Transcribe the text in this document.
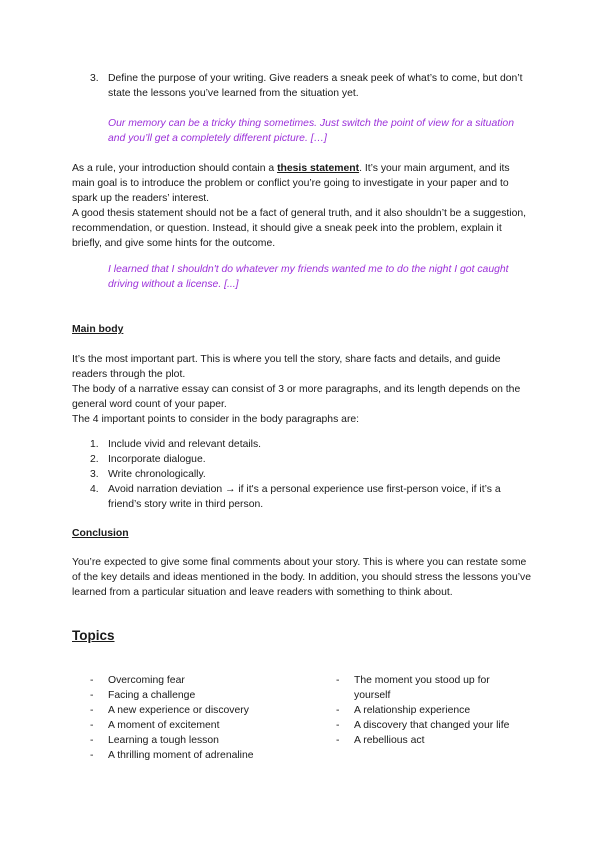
3. Define the purpose of your writing. Give readers a sneak peek of what’s to come, but don’t state the lessons you’ve learned from the situation yet.
Our memory can be a tricky thing sometimes. Just switch the point of view for a situation and you’ll get a completely different picture. […]

As a rule, your introduction should contain a thesis statement. It’s your main argument, and its main goal is to introduce the problem or conflict you’re going to investigate in your paper and to spark up the readers’ interest.

A good thesis statement should not be a fact of general truth, and it also shouldn’t be a suggestion, recommendation, or question. Instead, it should give a sneak peek into the problem, explain it briefly, and give some hints for the outcome.

I learned that I shouldn't do whatever my friends wanted me to do the night I got caught driving without a license. [...]
Main body

It’s the most important part. This is where you tell the story, share facts and details, and guide readers through the plot.

The body of a narrative essay can consist of 3 or more paragraphs, and its length depends on the general word count of your paper.

The 4 important points to consider in the body paragraphs are:

1. Include vivid and relevant details.
2. Incorporate dialogue.
3. Write chronologically.
4. Avoid narration deviation → if it's a personal experience use first-person voice, if it’s a friend’s story write in third person.
Conclusion
You’re expected to give some final comments about your story. This is where you can restate some of the key details and ideas mentioned in the body. In addition, you should stress the lessons you’ve learned from a particular situation and leave readers with something to think about.
Topics
- Overcoming fear
- Facing a challenge
- A new experience or discovery
- A moment of excitement
- Learning a tough lesson
- A thrilling moment of adrenaline
- The moment you stood up for yourself
- A relationship experience
- A discovery that changed your life
- A rebellious act
